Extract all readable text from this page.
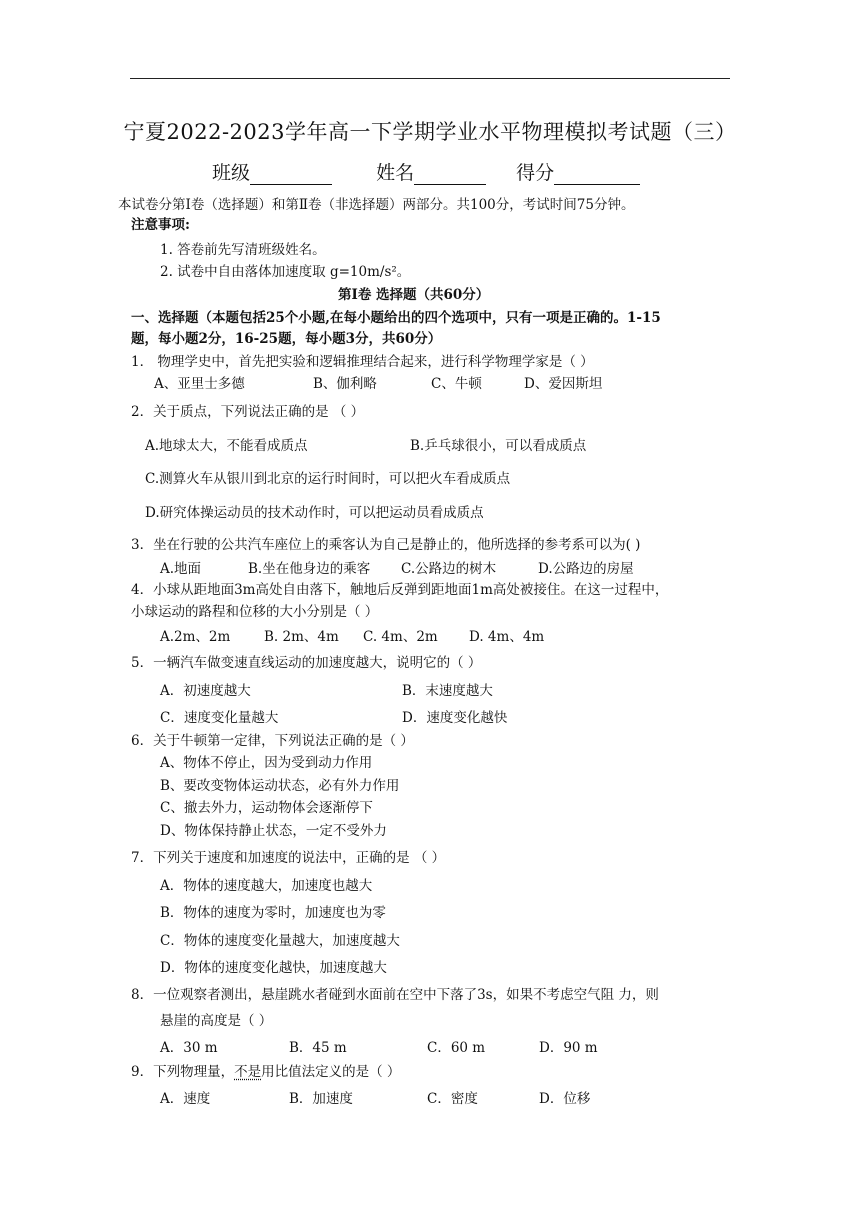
宁夏2022-2023学年高一下学期学业水平物理模拟考试题（三）
班级	姓名	得分
本试卷分第Ⅰ卷（选择题）和第Ⅱ卷（非选择题）两部分。共100分，考试时间75分钟。
注意事项:
1. 答卷前先写清班级姓名。
2. 试卷中自由落体加速度取 g=10m/s²。
第Ⅰ卷 选择题（共60分）
一、选择题（本题包括25个小题,在每小题给出的四个选项中，只有一项是正确的。1-15
题，每小题2分，16-25题，每小题3分，共60分）
1． 物理学史中，首先把实验和逻辑推理结合起来，进行科学物理学家是（ ）
A、亚里士多德	B、伽利略	C、牛顿	D、爱因斯坦
2．关于质点，下列说法正确的是 （ ）
A.地球太大，不能看成质点	B.乒乓球很小，可以看成质点
C.测算火车从银川到北京的运行时间时，可以把火车看成质点
D.研究体操运动员的技术动作时，可以把运动员看成质点
3．坐在行驶的公共汽车座位上的乘客认为自己是静止的，他所选择的参考系可以为( )
A.地面	B.坐在他身边的乘客 C.公路边的树木	D.公路边的房屋
4．小球从距地面3m高处自由落下，触地后反弹到距地面1m高处被接住。在这一过程中，
小球运动的路程和位移的大小分别是（ ）
A.2m、2m B. 2m、4m C. 4m、2m D. 4m、4m
5．一辆汽车做变速直线运动的加速度越大，说明它的（ ）
A．初速度越大	B．末速度越大
C．速度变化量越大	D．速度变化越快
6．关于牛顿第一定律，下列说法正确的是（ ）
A、物体不停止，因为受到动力作用
B、要改变物体运动状态，必有外力作用
C、撤去外力，运动物体会逐渐停下
D、物体保持静止状态，一定不受外力
7．下列关于速度和加速度的说法中，正确的是 （ ）
A．物体的速度越大，加速度也越大
B．物体的速度为零时，加速度也为零
C．物体的速度变化量越大，加速度越大
D．物体的速度变化越快，加速度越大
8．一位观察者测出，悬崖跳水者碰到水面前在空中下落了3s，如果不考虑空气阻 力，则
悬崖的高度是（ ）
A．30 m	B．45 m	C．60 m	D．90 m
9．下列物理量，不是用比值法定义的是（ ）
A．速度	B．加速度	C．密度	D．位移
